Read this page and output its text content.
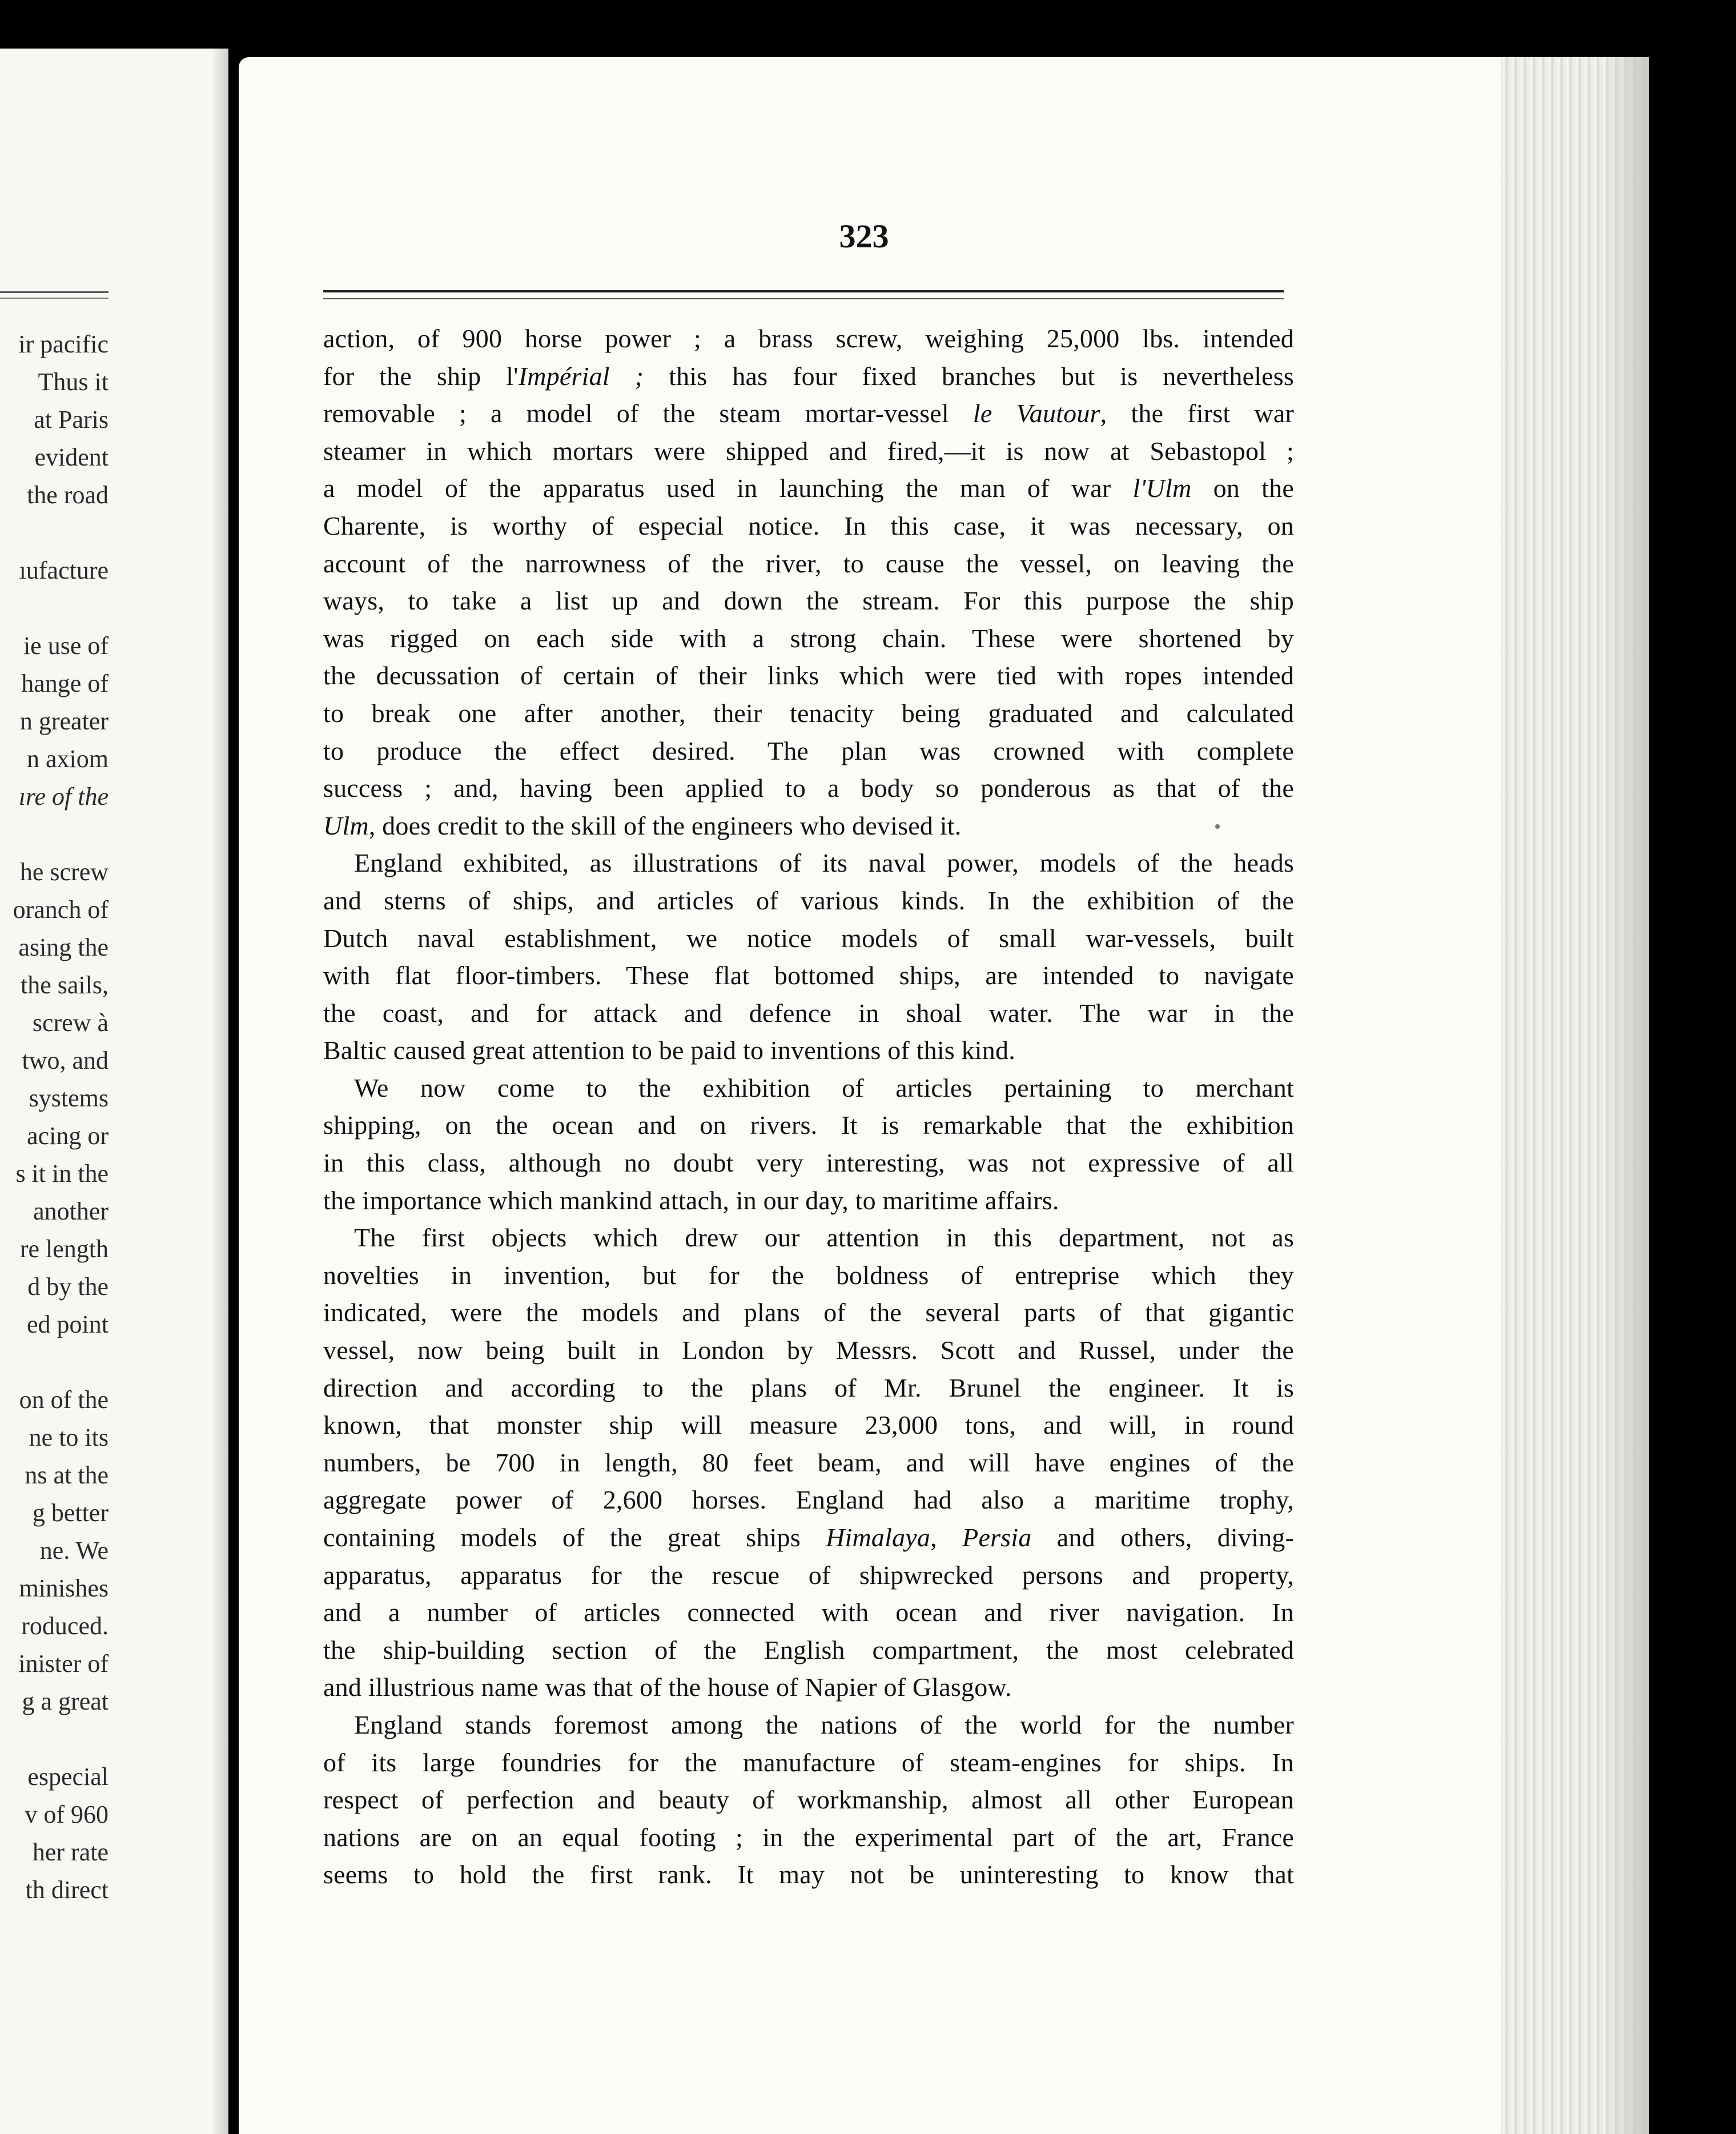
ir pacific
Thus it
at Paris
evident
the road
ıufacture
ie use of
hange of
n greater
n axiom
ıre of the
he screw
oranch of
asing the
the sails,
screw à
two, and
systems
acing or
s it in the
another
re length
d by the
ed point
on of the
ne to its
ns at the
g better
ne. We
minishes
roduced.
inister of
g a great
especial
v of 960
her rate
th direct
323
action, of 900 horse power ; a brass screw, weighing 25,000 lbs. intended
for the ship l'Impérial ; this has four fixed branches but is nevertheless
removable ; a model of the steam mortar-vessel le Vautour, the first war
steamer in which mortars were shipped and fired,—it is now at Sebastopol ;
a model of the apparatus used in launching the man of war l'Ulm on the
Charente, is worthy of especial notice. In this case, it was necessary, on
account of the narrowness of the river, to cause the vessel, on leaving the
ways, to take a list up and down the stream. For this purpose the ship
was rigged on each side with a strong chain. These were shortened by
the decussation of certain of their links which were tied with ropes intended
to break one after another, their tenacity being graduated and calculated
to produce the effect desired. The plan was crowned with complete
success ; and, having been applied to a body so ponderous as that of the
Ulm, does credit to the skill of the engineers who devised it.
England exhibited, as illustrations of its naval power, models of the heads
and sterns of ships, and articles of various kinds. In the exhibition of the
Dutch naval establishment, we notice models of small war-vessels, built
with flat floor-timbers. These flat bottomed ships, are intended to navigate
the coast, and for attack and defence in shoal water. The war in the
Baltic caused great attention to be paid to inventions of this kind.
We now come to the exhibition of articles pertaining to merchant
shipping, on the ocean and on rivers. It is remarkable that the exhibition
in this class, although no doubt very interesting, was not expressive of all
the importance which mankind attach, in our day, to maritime affairs.
The first objects which drew our attention in this department, not as
novelties in invention, but for the boldness of entreprise which they
indicated, were the models and plans of the several parts of that gigantic
vessel, now being built in London by Messrs. Scott and Russel, under the
direction and according to the plans of Mr. Brunel the engineer. It is
known, that monster ship will measure 23,000 tons, and will, in round
numbers, be 700 in length, 80 feet beam, and will have engines of the
aggregate power of 2,600 horses. England had also a maritime trophy,
containing models of the great ships Himalaya, Persia and others, diving-
apparatus, apparatus for the rescue of shipwrecked persons and property,
and a number of articles connected with ocean and river navigation. In
the ship-building section of the English compartment, the most celebrated
and illustrious name was that of the house of Napier of Glasgow.
England stands foremost among the nations of the world for the number
of its large foundries for the manufacture of steam-engines for ships. In
respect of perfection and beauty of workmanship, almost all other European
nations are on an equal footing ; in the experimental part of the art, France
seems to hold the first rank. It may not be uninteresting to know that
